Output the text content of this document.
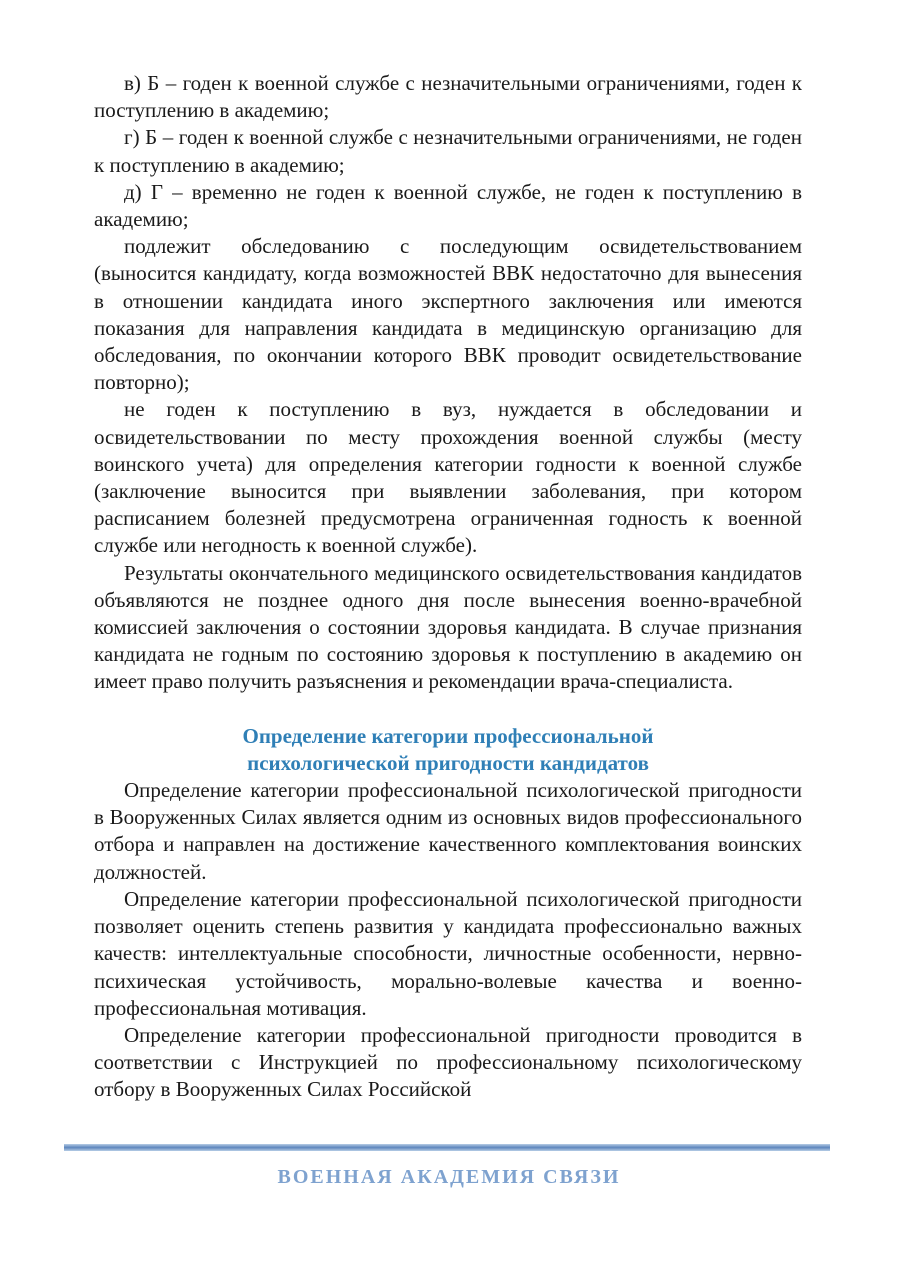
в) Б – годен к военной службе с незначительными ограничениями, годен к поступлению в академию;

г) Б – годен к военной службе с незначительными ограничениями, не годен к поступлению в академию;

д) Г – временно не годен к военной службе, не годен к поступлению в академию;

подлежит обследованию с последующим освидетельствованием (выносится кандидату, когда возможностей ВВК недостаточно для вынесения в отношении кандидата иного экспертного заключения или имеются показания для направления кандидата в медицинскую организацию для обследования, по окончании которого ВВК проводит освидетельствование повторно);

не годен к поступлению в вуз, нуждается в обследовании и освидетельствовании по месту прохождения военной службы (месту воинского учета) для определения категории годности к военной службе (заключение выносится при выявлении заболевания, при котором расписанием болезней предусмотрена ограниченная годность к военной службе или негодность к военной службе).

Результаты окончательного медицинского освидетельствования кандидатов объявляются не позднее одного дня после вынесения военно-врачебной комиссией заключения о состоянии здоровья кандидата. В случае признания кандидата не годным по состоянию здоровья к поступлению в академию он имеет право получить разъяснения и рекомендации врача-специалиста.

Определение категории профессиональной
психологической пригодности кандидатов

Определение категории профессиональной психологической пригодности в Вооруженных Силах является одним из основных видов профессионального отбора и направлен на достижение качественного комплектования воинских должностей.

Определение категории профессиональной психологической пригодности позволяет оценить степень развития у кандидата профессионально важных качеств: интеллектуальные способности, личностные особенности, нервно-психическая устойчивость, морально-волевые качества и военно-профессиональная мотивация.

Определение категории профессиональной пригодности проводится в соответствии с Инструкцией по профессиональному психологическому отбору в Вооруженных Силах Российской

ВОЕННАЯ АКАДЕМИЯ СВЯЗИ
